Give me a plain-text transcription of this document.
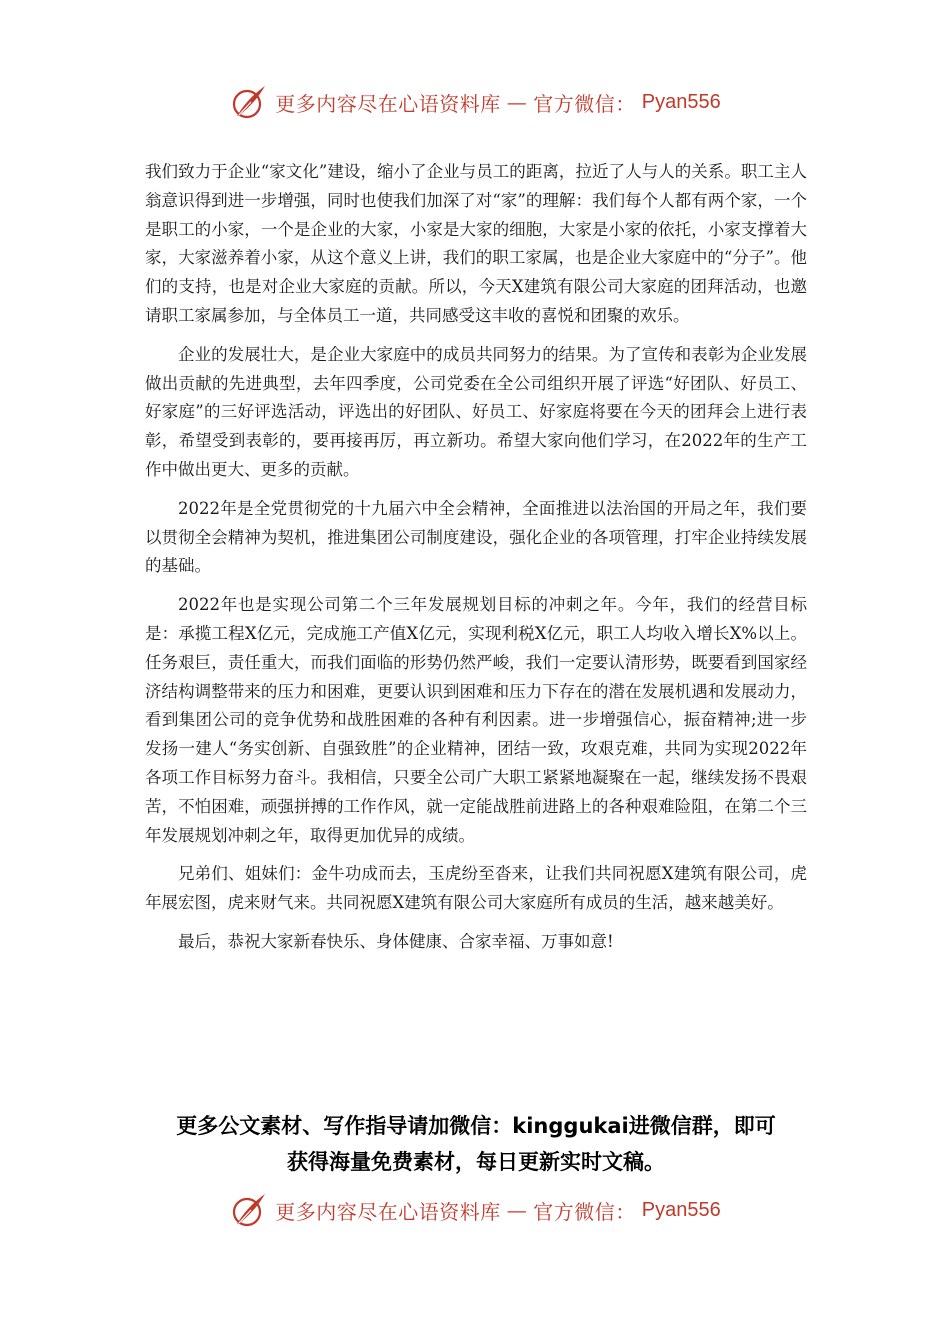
更多内容尽在心语资料库 — 官方微信： Pyan556

我们致力于企业“家文化”建设，缩小了企业与员工的距离，拉近了人与人的关系。职工主人翁意识得到进一步增强，同时也使我们加深了对“家”的理解：我们每个人都有两个家，一个是职工的小家，一个是企业的大家，小家是大家的细胞，大家是小家的依托，小家支撑着大家，大家滋养着小家，从这个意义上讲，我们的职工家属，也是企业大家庭中的“分子”。他们的支持，也是对企业大家庭的贡献。所以，今天X建筑有限公司大家庭的团拜活动，也邀请职工家属参加，与全体员工一道，共同感受这丰收的喜悦和团聚的欢乐。

企业的发展壮大，是企业大家庭中的成员共同努力的结果。为了宣传和表彰为企业发展做出贡献的先进典型，去年四季度，公司党委在全公司组织开展了评选“好团队、好员工、好家庭”的三好评选活动，评选出的好团队、好员工、好家庭将要在今天的团拜会上进行表彰，希望受到表彰的，要再接再厉，再立新功。希望大家向他们学习，在2022年的生产工作中做出更大、更多的贡献。

2022年是全党贯彻党的十九届六中全会精神，全面推进以法治国的开局之年，我们要以贯彻全会精神为契机，推进集团公司制度建设，强化企业的各项管理，打牢企业持续发展的基础。

2022年也是实现公司第二个三年发展规划目标的冲刺之年。今年，我们的经营目标是：承揽工程X亿元，完成施工产值X亿元，实现利税X亿元，职工人均收入增长X%以上。任务艰巨，责任重大，而我们面临的形势仍然严峻，我们一定要认清形势，既要看到国家经济结构调整带来的压力和困难，更要认识到困难和压力下存在的潜在发展机遇和发展动力，看到集团公司的竞争优势和战胜困难的各种有利因素。进一步增强信心，振奋精神;进一步发扬一建人“务实创新、自强致胜”的企业精神，团结一致，攻艰克难，共同为实现2022年各项工作目标努力奋斗。我相信，只要全公司广大职工紧紧地凝聚在一起，继续发扬不畏艰苦，不怕困难，顽强拼搏的工作作风，就一定能战胜前进路上的各种艰难险阻，在第二个三年发展规划冲刺之年，取得更加优异的成绩。

兄弟们、姐妹们：金牛功成而去，玉虎纷至沓来，让我们共同祝愿X建筑有限公司，虎年展宏图，虎来财气来。共同祝愿X建筑有限公司大家庭所有成员的生活，越来越美好。

最后，恭祝大家新春快乐、身体健康、合家幸福、万事如意!

更多公文素材、写作指导请加微信：kinggukai进微信群，即可
获得海量免费素材，每日更新实时文稿。
更多内容尽在心语资料库 — 官方微信： Pyan556
